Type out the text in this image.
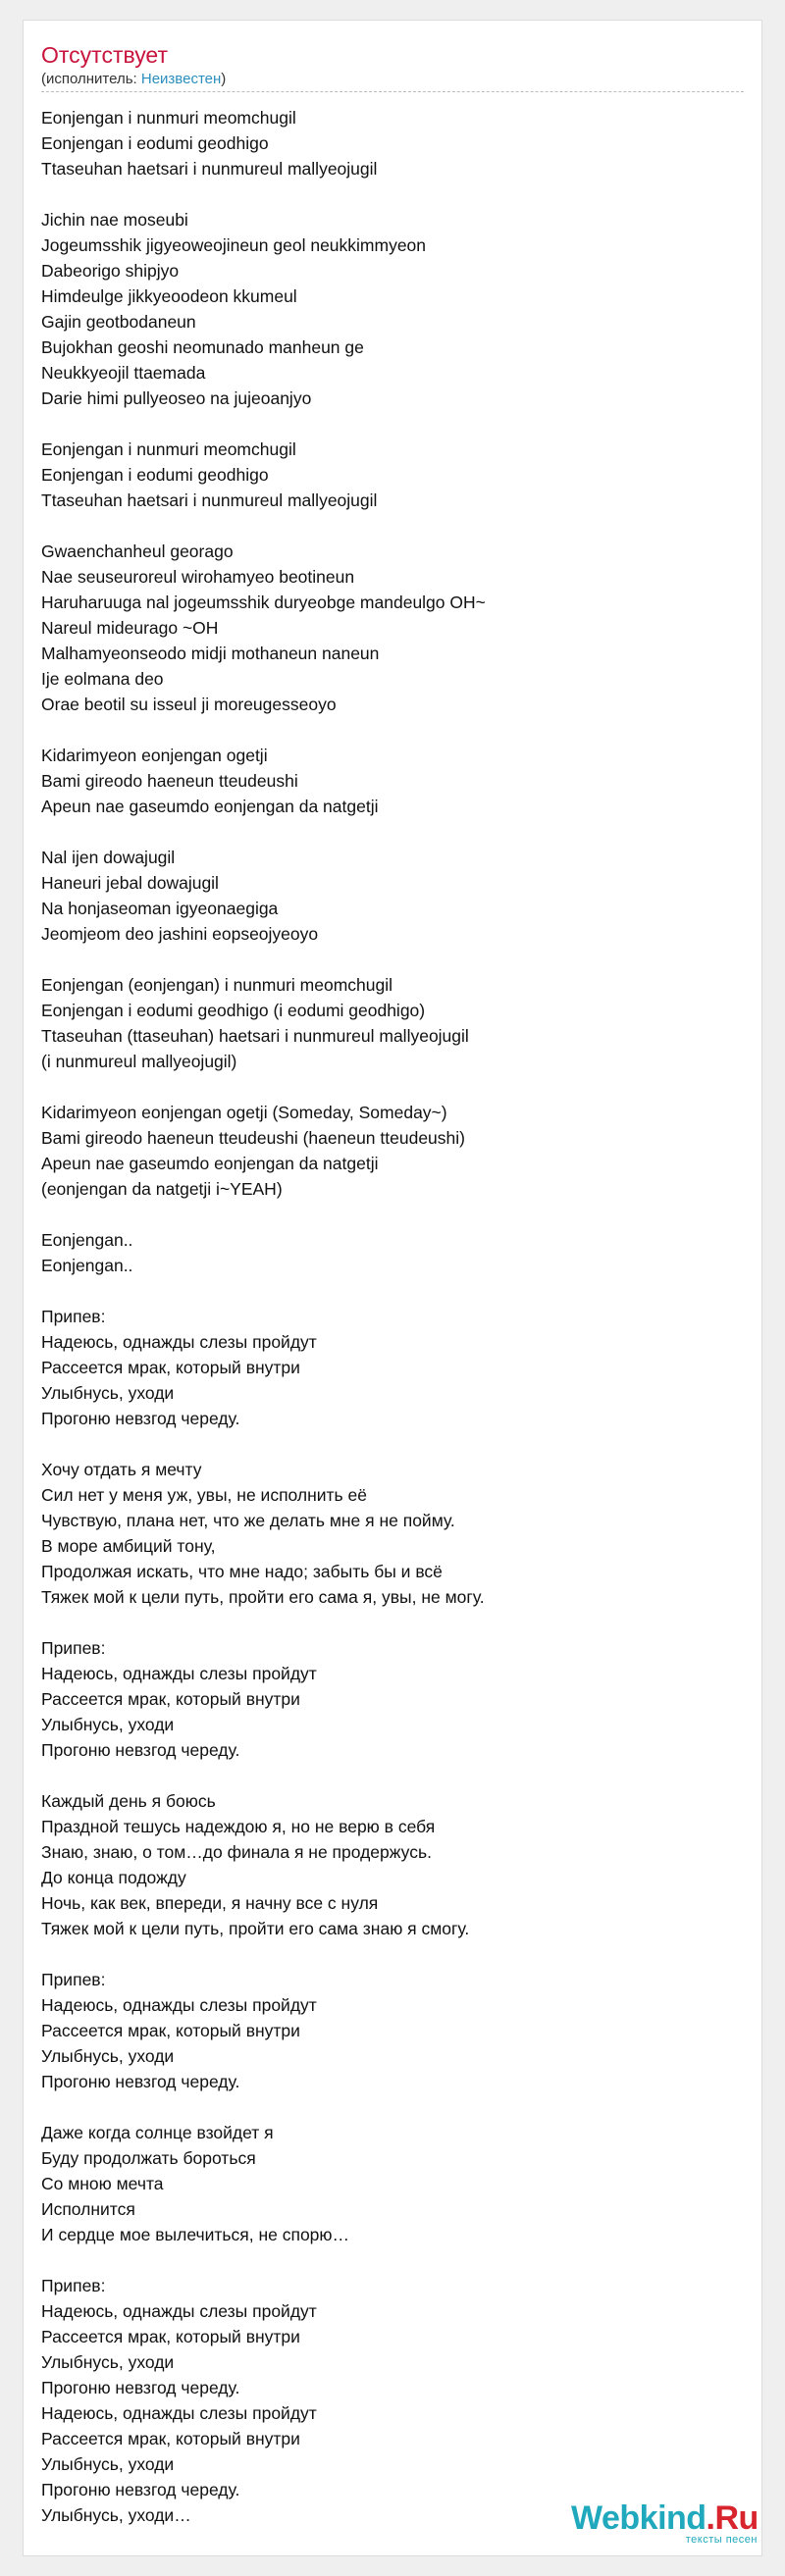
Отсутствует
(исполнитель: Неизвестен)
Eonjengan i nunmuri meomchugil
Eonjengan i eodumi geodhigo
Ttaseuhan haetsari i nunmureul mallyeojugil
Jichin nae moseubi
Jogeumsshik jigyeoweojineun geol neukkimmyeon
Dabeorigo shipjyo
Himdeulge jikkyeoodeon kkumeul
Gajin geotbodaneun
Bujokhan geoshi neomunado manheun ge
Neukkyeojil ttaemada
Darie himi pullyeoseo na jujeoanjyo
Eonjengan i nunmuri meomchugil
Eonjengan i eodumi geodhigo
Ttaseuhan haetsari i nunmureul mallyeojugil
Gwaenchanheul georago
Nae seuseuroreul wirohamyeo beotineun
Haruharuuga nal jogeumsshik duryeobge mandeulgo OH~
Nareul mideurago ~OH
Malhamyeonseodo midji mothaneun naneun
Ije eolmana deo
Orae beotil su isseul ji moreugesseoyo
Kidarimyeon eonjengan ogetji
Bami gireodo haeneun tteudeushi
Apeun nae gaseumdo eonjengan da natgetji
Nal ijen dowajugil
Haneuri jebal dowajugil
Na honjaseoman igyeonaegiga
Jeomjeom deo jashini eopseojyeoyo
Eonjengan (eonjengan) i nunmuri meomchugil
Eonjengan i eodumi geodhigo (i eodumi geodhigo)
Ttaseuhan (ttaseuhan) haetsari i nunmureul mallyeojugil
(i nunmureul mallyeojugil)
Kidarimyeon eonjengan ogetji (Someday, Someday~)
Bami gireodo haeneun tteudeushi (haeneun tteudeushi)
Apeun nae gaseumdo eonjengan da natgetji
(eonjengan da natgetji i~YEAH)
Eonjengan..
Eonjengan..
Припев:
Надеюсь, однажды слезы пройдут
Рассеется мрак, который внутри
Улыбнусь, уходи
Прогоню невзгод череду.
Хочу отдать я мечту
Сил нет у меня уж, увы, не исполнить её
Чувствую, плана нет, что же делать мне я не пойму.
В море амбиций тону,
Продолжая искать, что мне надо; забыть бы и всё
Тяжек мой к цели путь, пройти его сама я, увы, не могу.
Припев:
Надеюсь, однажды слезы пройдут
Рассеется мрак, который внутри
Улыбнусь, уходи
Прогоню невзгод череду.
Каждый день я боюсь
Праздной тешусь надеждою я, но не верю в себя
Знаю, знаю, о том…до финала я не продержусь.
До конца подожду
Ночь, как век, впереди, я начну все с нуля
Тяжек мой к цели путь, пройти его сама знаю я смогу.
Припев:
Надеюсь, однажды слезы пройдут
Рассеется мрак, который внутри
Улыбнусь, уходи
Прогоню невзгод череду.
Даже когда солнце взойдет я
Буду продолжать бороться
Со мною мечта
Исполнится
И сердце мое вылечиться, не спорю…
Припев:
Надеюсь, однажды слезы пройдут
Рассеется мрак, который внутри
Улыбнусь, уходи
Прогоню невзгод череду.
Надеюсь, однажды слезы пройдут
Рассеется мрак, который внутри
Улыбнусь, уходи
Прогоню невзгод череду.
Улыбнусь, уходи…	Webkind.Ru
тексты песен
